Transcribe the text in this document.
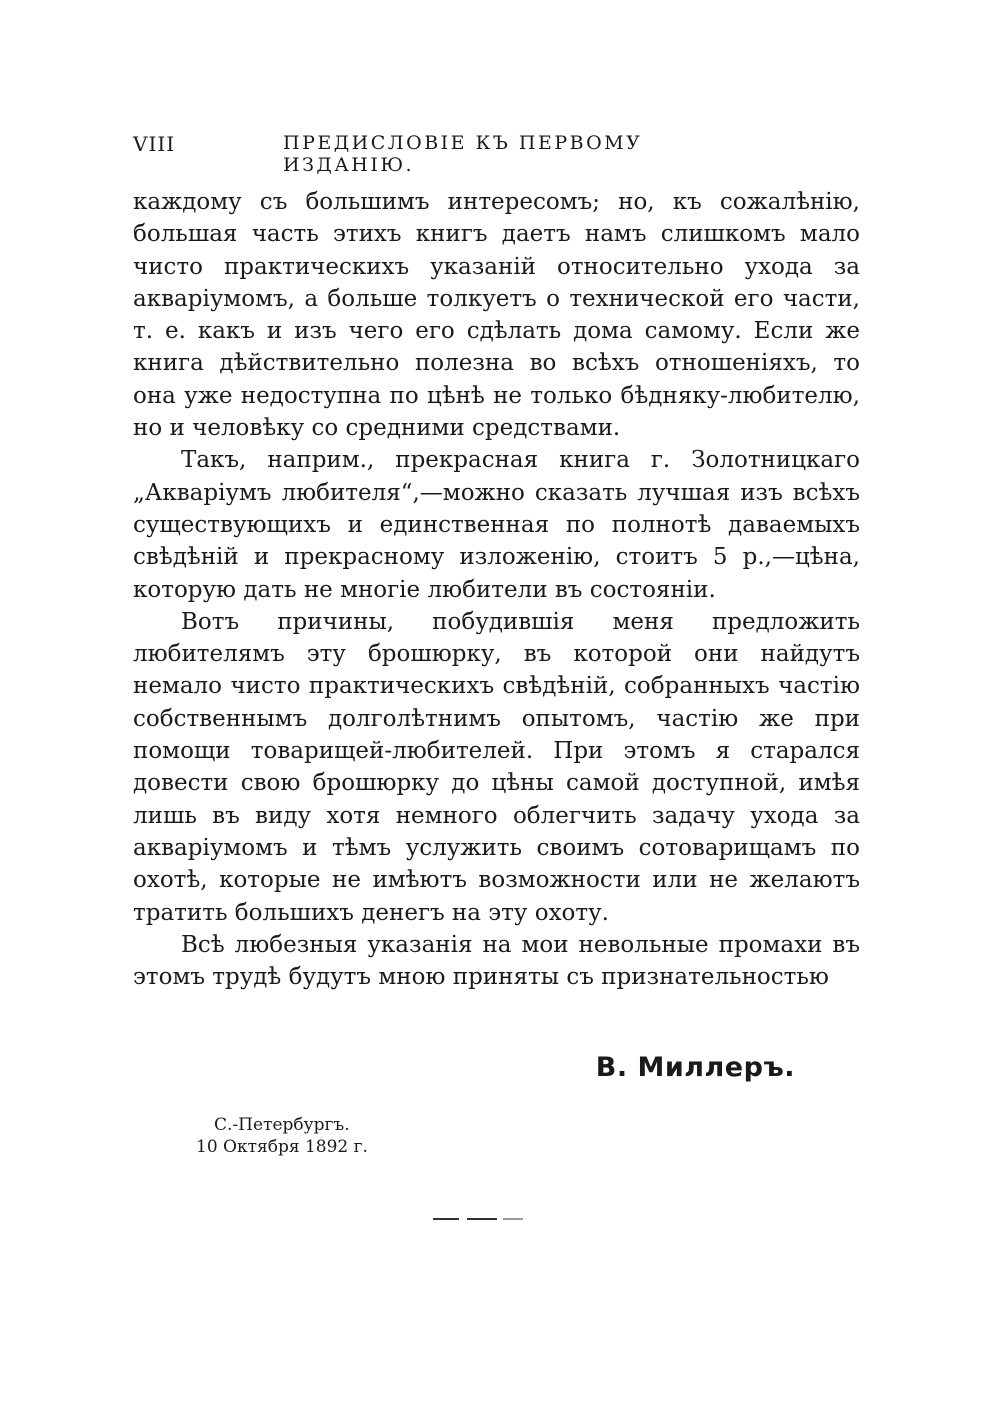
VIII	ПРЕДИСЛОВІЕ КЪ ПЕРВОМУ ИЗДАНІЮ.

каждому съ большимъ интересомъ; но, къ сожалѣнію, большая часть этихъ книгъ даетъ намъ слишкомъ мало чисто практическихъ указаній относительно ухода за акваріумомъ, а больше толкуетъ о технической его части, т. е. какъ и изъ чего его сдѣлать дома самому. Если же книга дѣйствительно полезна во всѣхъ отношеніяхъ, то она уже недоступна по цѣнѣ не только бѣдняку-любителю, но и человѣку со средними средствами.

Такъ, наприм., прекрасная книга г. Золотницкаго „Акваріумъ любителя“,—можно сказать лучшая изъ всѣхъ существующихъ и единственная по полнотѣ даваемыхъ свѣдѣній и прекрасному изложенію, стоитъ 5 р.,—цѣна, которую дать не многіе любители въ состояніи.

Вотъ причины, побудившія меня предложить любителямъ эту брошюрку, въ которой они найдутъ немало чисто практическихъ свѣдѣній, собранныхъ частію собственнымъ долголѣтнимъ опытомъ, частію же при помощи товарищей-любителей. При этомъ я старался довести свою брошюрку до цѣны самой доступной, имѣя лишь въ виду хотя немного облегчить задачу ухода за акваріумомъ и тѣмъ услужить своимъ сотоварищамъ по охотѣ, которые не имѣютъ возможности или не желаютъ тратить большихъ денегъ на эту охоту.

Всѣ любезныя указанія на мои невольные промахи въ этомъ трудѣ будутъ мною приняты съ признательностью

В. Миллеръ.
С.-Петербургъ.
10 Октября 1892 г.
